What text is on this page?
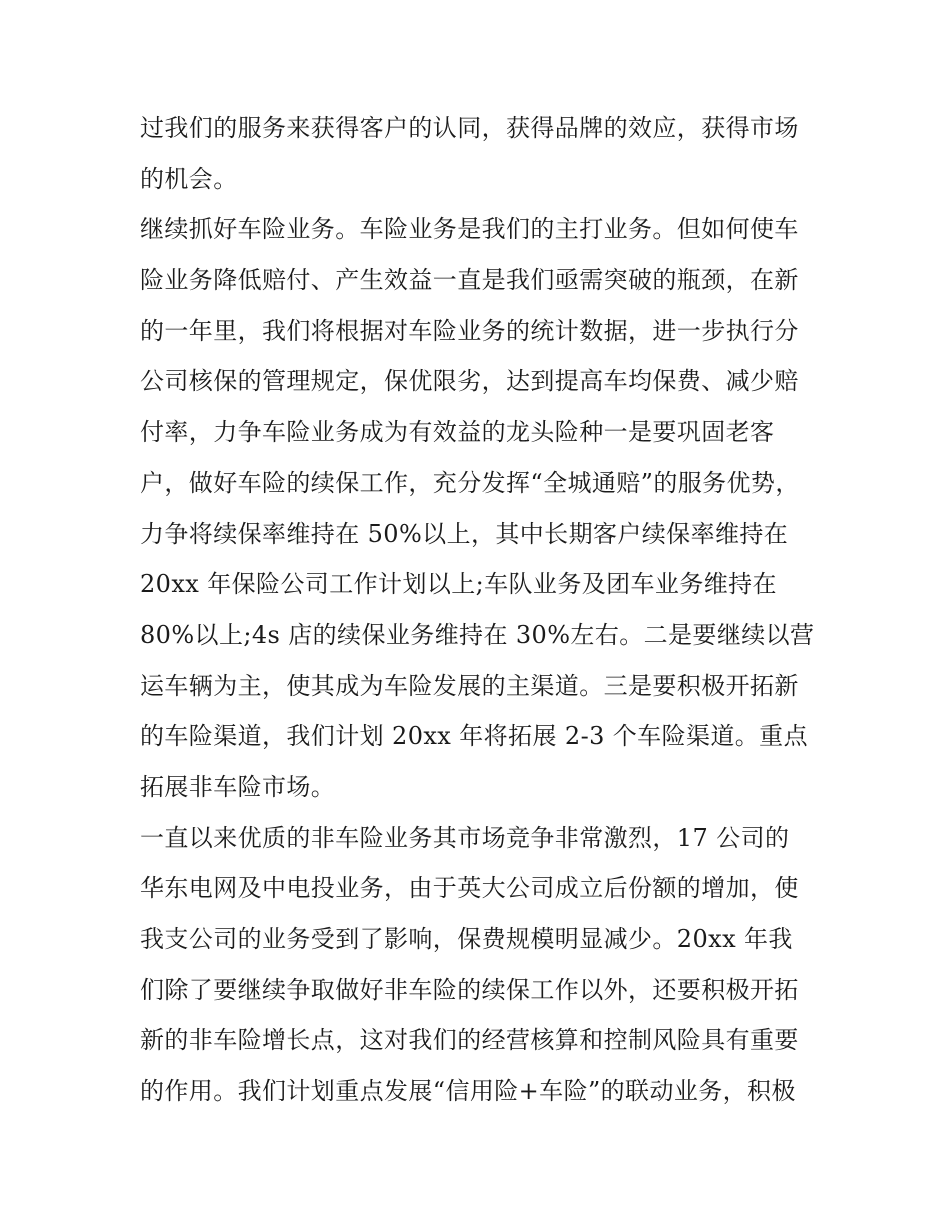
过我们的服务来获得客户的认同，获得品牌的效应，获得市场
的机会。
继续抓好车险业务。车险业务是我们的主打业务。但如何使车
险业务降低赔付、产生效益一直是我们亟需突破的瓶颈，在新
的一年里，我们将根据对车险业务的统计数据，进一步执行分
公司核保的管理规定，保优限劣，达到提高车均保费、减少赔
付率，力争车险业务成为有效益的龙头险种一是要巩固老客
户，做好车险的续保工作，充分发挥“全城通赔”的服务优势，
力争将续保率维持在 50%以上，其中长期客户续保率维持在
20xx 年保险公司工作计划以上;车队业务及团车业务维持在
80%以上;4s 店的续保业务维持在 30%左右。二是要继续以营
运车辆为主，使其成为车险发展的主渠道。三是要积极开拓新
的车险渠道，我们计划 20xx 年将拓展 2-3 个车险渠道。重点
拓展非车险市场。
一直以来优质的非车险业务其市场竞争非常激烈，17 公司的
华东电网及中电投业务，由于英大公司成立后份额的增加，使
我支公司的业务受到了影响，保费规模明显减少。20xx 年我
们除了要继续争取做好非车险的续保工作以外，还要积极开拓
新的非车险增长点，这对我们的经营核算和控制风险具有重要
的作用。我们计划重点发展“信用险+车险”的联动业务，积极
